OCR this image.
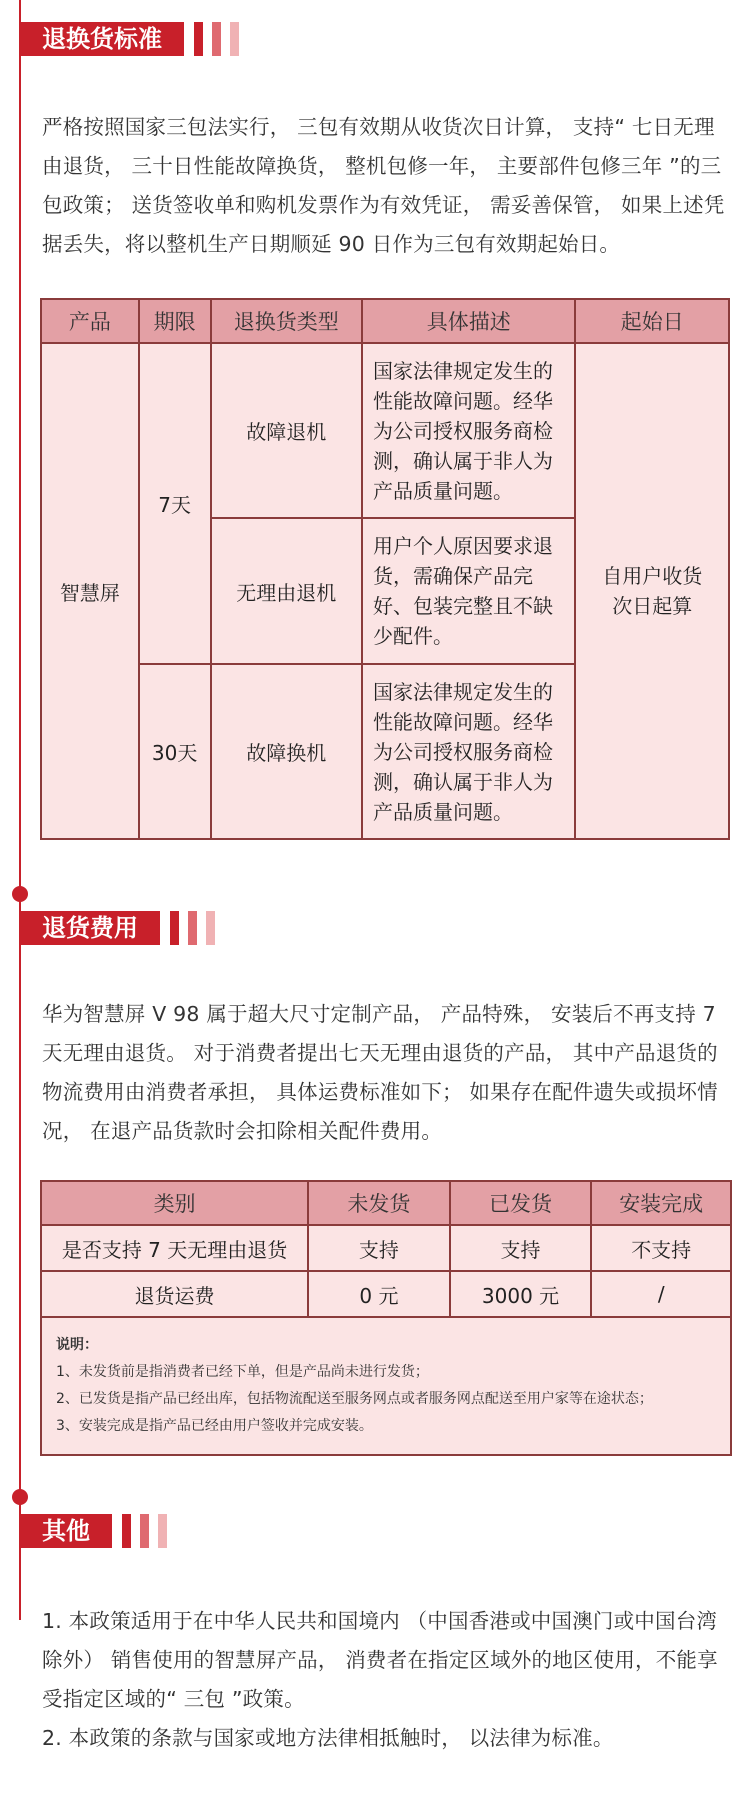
退换货标准
严格按照国家三包法实行， 三包有效期从收货次日计算， 支持“ 七日无理由退货， 三十日性能故障换货， 整机包修一年， 主要部件包修三年 ”的三包政策； 送货签收单和购机发票作为有效凭证， 需妥善保管， 如果上述凭据丢失，将以整机生产日期顺延 90 日作为三包有效期起始日。
产品	期限	退换货类型	具体描述	起始日
智慧屏	7天	故障退机	国家法律规定发生的性能故障问题。经华为公司授权服务商检测，确认属于非人为产品质量问题。	自用户收货
次日起算
		无理由退机	用户个人原因要求退货，需确保产品完好、包装完整且不缺少配件。	
	30天	故障换机	国家法律规定发生的性能故障问题。经华为公司授权服务商检测，确认属于非人为产品质量问题。	
退货费用
华为智慧屏 V 98 属于超大尺寸定制产品， 产品特殊， 安装后不再支持 7 天无理由退货。 对于消费者提出七天无理由退货的产品， 其中产品退货的物流费用由消费者承担， 具体运费标准如下； 如果存在配件遗失或损坏情况， 在退产品货款时会扣除相关配件费用。
类别	未发货	已发货	安装完成
是否支持 7 天无理由退货	支持	支持	不支持
退货运费	0 元	3000 元	/

说明：
1、未发货前是指消费者已经下单，但是产品尚未进行发货；
2、已发货是指产品已经出库，包括物流配送至服务网点或者服务网点配送至用户家等在途状态；
3、安装完成是指产品已经由用户签收并完成安装。			
其他
1. 本政策适用于在中华人民共和国境内 （中国香港或中国澳门或中国台湾除外） 销售使用的智慧屏产品， 消费者在指定区域外的地区使用，不能享受指定区域的“ 三包 ”政策。
2. 本政策的条款与国家或地方法律相抵触时， 以法律为标准。
